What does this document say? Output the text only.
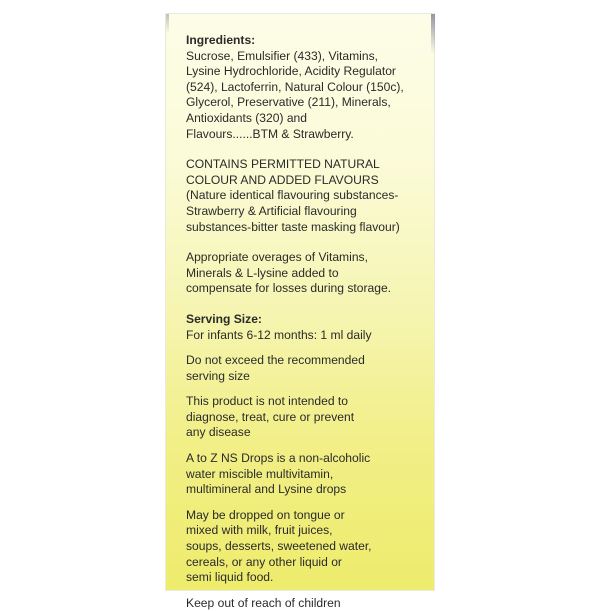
Ingredients:

Sucrose, Emulsifier (433), Vitamins,
Lysine Hydrochloride, Acidity Regulator
(524), Lactoferrin, Natural Colour (150c),
Glycerol, Preservative (211), Minerals,
Antioxidants (320) and
Flavours......BTM & Strawberry.

CONTAINS PERMITTED NATURAL
COLOUR AND ADDED FLAVOURS
(Nature identical flavouring substances-
Strawberry & Artificial flavouring
substances-bitter taste masking flavour)
Appropriate overages of Vitamins,
Minerals & L-lysine added to
compensate for losses during storage.

Serving Size:

For infants 6-12 months: 1 ml daily
Do not exceed the recommended
serving size
This product is not intended to
diagnose, treat, cure or prevent
any disease
A to Z NS Drops is a non-alcoholic
water miscible multivitamin,
multimineral and Lysine drops
May be dropped on tongue or
mixed with milk, fruit juices,
soups, desserts, sweetened water,
cereals, or any other liquid or
semi liquid food.
Keep out of reach of children
